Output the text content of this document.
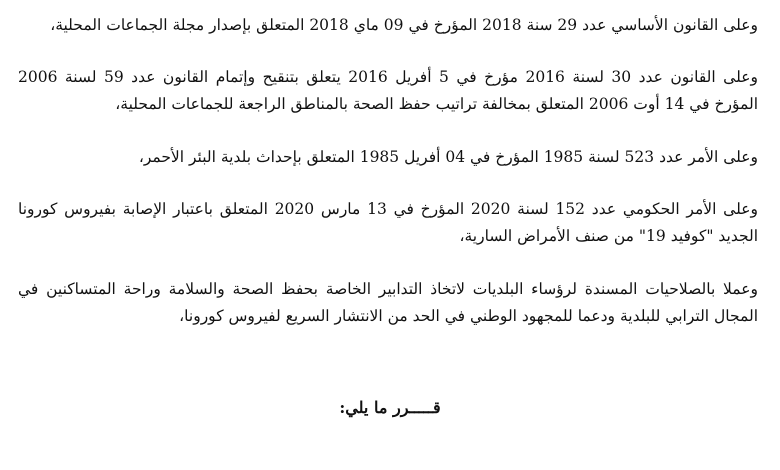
وعلى القانون الأساسي عدد 29 سنة 2018 المؤرخ في 09 ماي 2018 المتعلق بإصدار مجلة الجماعات المحلية،

وعلى القانون عدد 30 لسنة 2016 مؤرخ في 5 أفريل 2016 يتعلق بتنقيح وإتمام القانون عدد 59 لسنة 2006 المؤرخ في 14 أوت 2006 المتعلق بمخالفة تراتيب حفظ الصحة بالمناطق الراجعة للجماعات المحلية،

وعلى الأمر عدد 523 لسنة 1985 المؤرخ في 04 أفريل 1985 المتعلق بإحداث بلدية البئر الأحمر،

وعلى الأمر الحكومي عدد 152 لسنة 2020 المؤرخ في 13 مارس 2020 المتعلق باعتبار الإصابة بفيروس كورونا الجديد "كوفيد 19" من صنف الأمراض السارية،

وعملا بالصلاحيات المسندة لرؤساء البلديات لاتخاذ التدابير الخاصة بحفظ الصحة والسلامة وراحة المتساكنين في المجال الترابي للبلدية ودعما للمجهود الوطني في الحد من الانتشار السريع لفيروس كورونا،

قـــــرر ما يلي:
